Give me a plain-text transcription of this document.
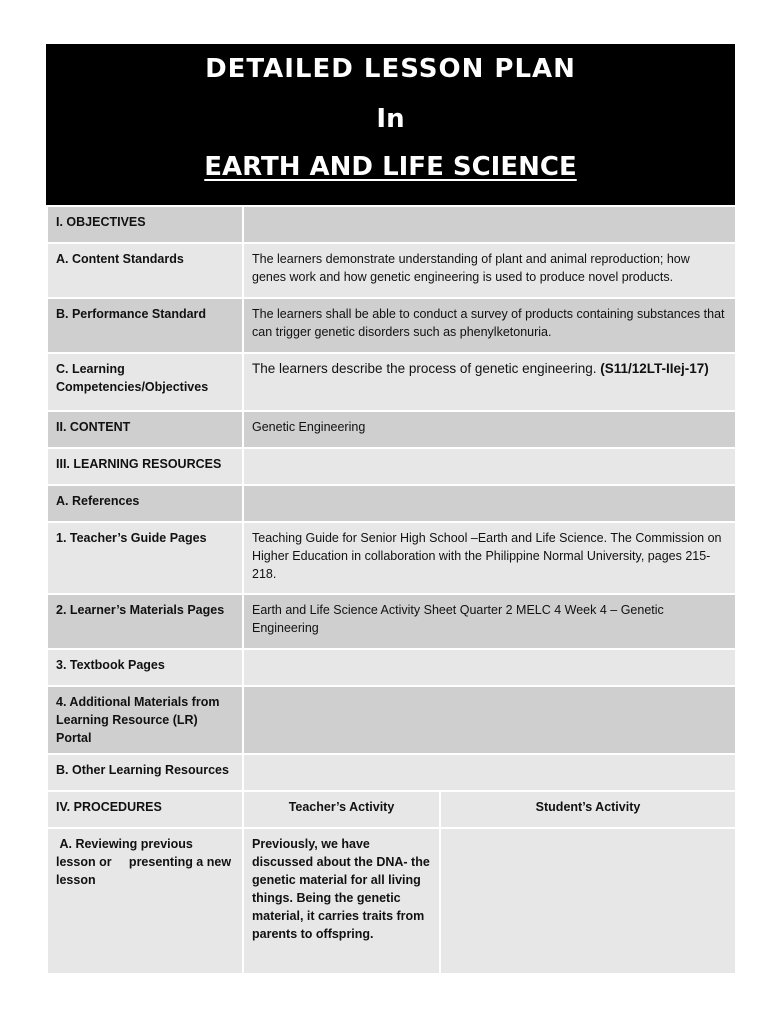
DETAILED LESSON PLAN
In
EARTH AND LIFE SCIENCE
I. OBJECTIVES		
A. Content Standards	The learners demonstrate understanding of plant and animal reproduction; how genes work and how genetic engineering is used to produce novel products.	
B. Performance Standard	The learners shall be able to conduct a survey of products containing substances that can trigger genetic disorders such as phenylketonuria.	
C. Learning Competencies/Objectives	The learners describe the process of genetic engineering. (S11/12LT-IIej-17)	
II. CONTENT	Genetic Engineering	
III. LEARNING RESOURCES		
A. References		
1. Teacher’s Guide Pages	Teaching Guide for Senior High School –Earth and Life Science. The Commission on Higher Education in collaboration with the Philippine Normal University, pages 215-218.	
2. Learner’s Materials Pages	Earth and Life Science Activity Sheet Quarter 2 MELC 4 Week 4 – Genetic Engineering	
3. Textbook Pages		
4. Additional Materials from Learning Resource (LR) Portal		
B. Other Learning Resources		
IV. PROCEDURES	Teacher’s Activity	Student’s Activity
A. Reviewing previous lesson or     presenting a new lesson	Previously, we have discussed about the DNA- the genetic material for all living things. Being the genetic material, it carries traits from parents to offspring.	
